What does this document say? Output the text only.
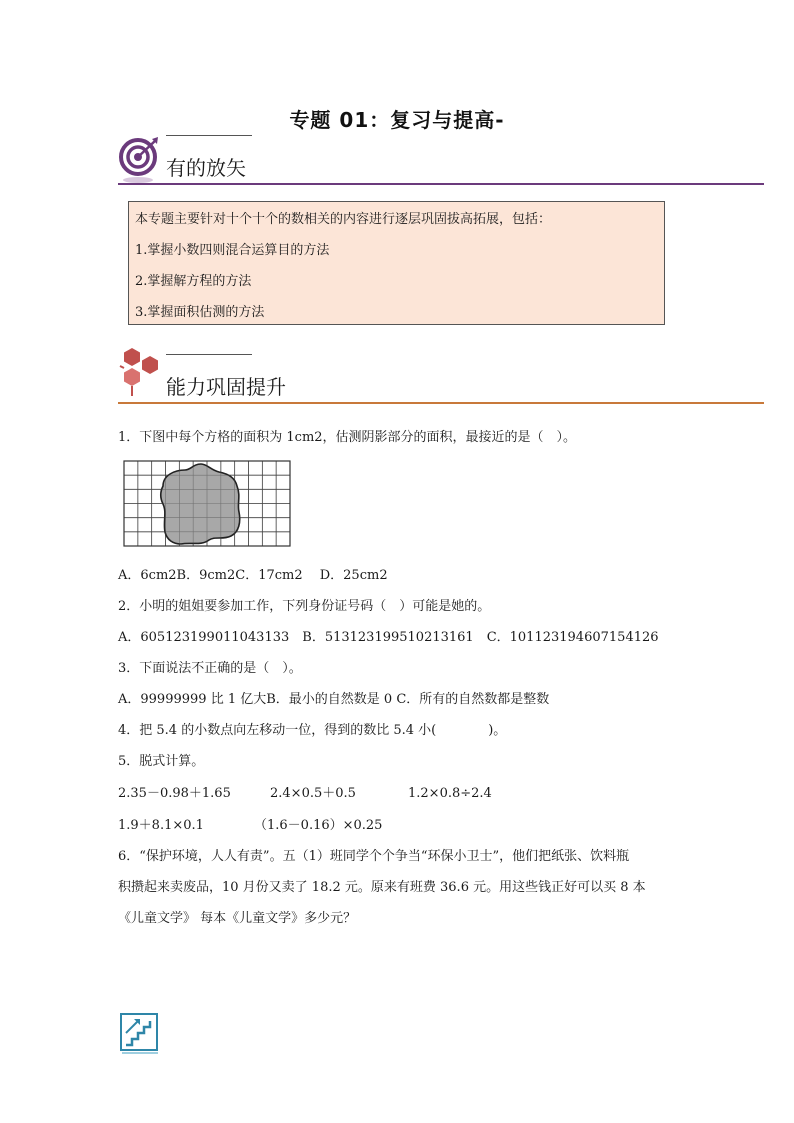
专题 01：复习与提高-
有的放矢
本专题主要针对十个十个的数相关的内容进行逐层巩固拔高拓展，包括：
1.掌握小数四则混合运算目的方法
2.掌握解方程的方法
3.掌握面积估测的方法
能力巩固提升
1．下图中每个方格的面积为 1cm2，估测阴影部分的面积，最接近的是（　）。
A．6cm2B．9cm2C．17cm2　 D．25cm2
2．小明的姐姐要参加工作，下列身份证号码（　）可能是她的。
A．605123199011043133　B．513123199510213161　C．101123194607154126
3．下面说法不正确的是（　）。
A．99999999 比 1 亿大B．最小的自然数是 0 C．所有的自然数都是整数
4．把 5.4 的小数点向左移动一位，得到的数比 5.4 小(　　　　)。
5．脱式计算。
2.35－0.98＋1.65	2.4×0.5＋0.5	1.2×0.8÷2.4
1.9＋8.1×0.1	（1.6－0.16）×0.25
6．“保护环境，人人有责”。五（1）班同学个个争当“环保小卫士”，他们把纸张、饮料瓶
积攒起来卖废品，10 月份又卖了 18.2 元。原来有班费 36.6 元。用这些钱正好可以买 8 本
《儿童文学》 每本《儿童文学》多少元？
